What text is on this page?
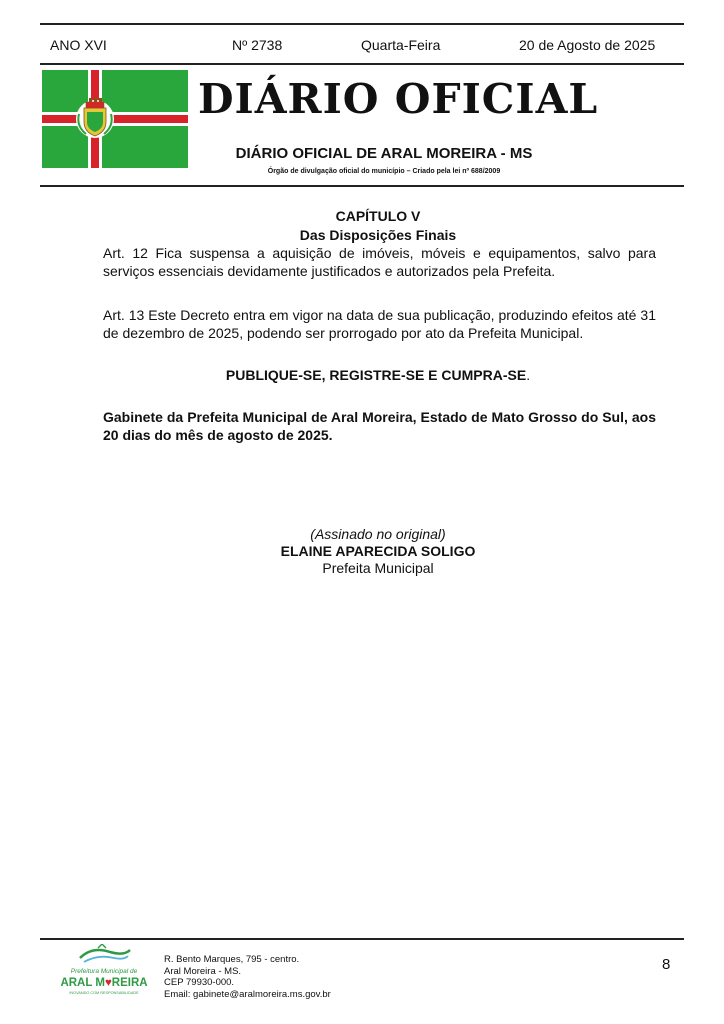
ANO XVI	Nº 2738	Quarta-Feira	20 de Agosto de 2025
DIÁRIO OFICIAL
DIÁRIO OFICIAL DE ARAL MOREIRA - MS
Órgão de divulgação oficial do município – Criado pela lei nº 688/2009
CAPÍTULO V
Das Disposições Finais

Art. 12 Fica suspensa a aquisição de imóveis, móveis e equipamentos, salvo para serviços essenciais devidamente justificados e autorizados pela Prefeita.

Art. 13 Este Decreto entra em vigor na data de sua publicação, produzindo efeitos até 31 de dezembro de 2025, podendo ser prorrogado por ato da Prefeita Municipal.

PUBLIQUE-SE, REGISTRE-SE E CUMPRA-SE.

Gabinete da Prefeita Municipal de Aral Moreira, Estado de Mato Grosso do Sul, aos 20 dias do mês de agosto de 2025.

(Assinado no original)
ELAINE APARECIDA SOLIGO
Prefeita Municipal
Prefeitura Municipal de
ARAL M♥REIRA
INOVANDO COM RESPONSABILIDADE
R. Bento Marques, 795 - centro.
Aral Moreira - MS.
CEP 79930-000.
Email: gabinete@aralmoreira.ms.gov.br
8
